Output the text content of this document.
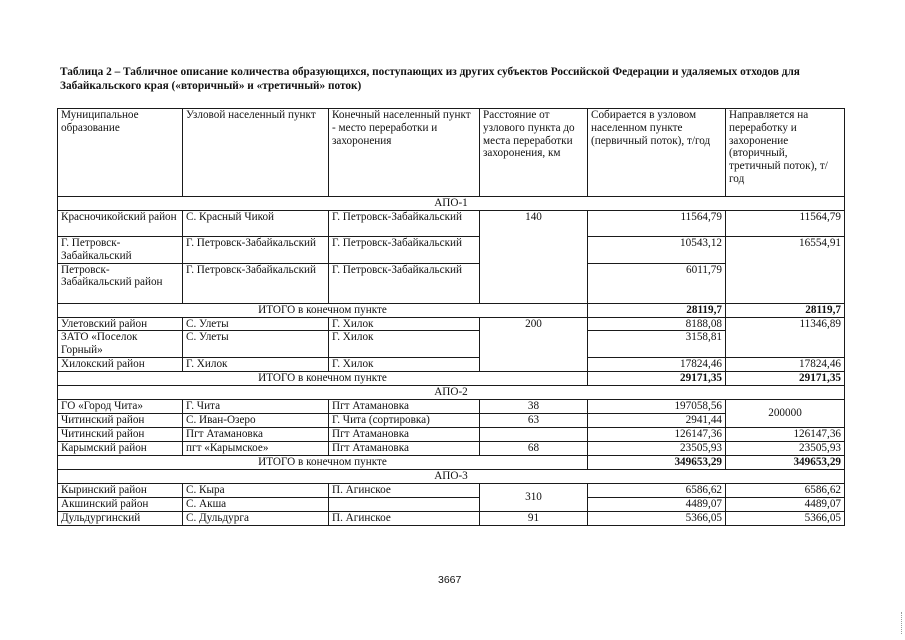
Таблица 2 – Табличное описание количества образующихся, поступающих из других субъектов Российской Федерации и удаляемых отходов для Забайкальского края («вторичный» и «третичный» поток)
Муниципальное образование	Узловой населенный пункт	Конечный населенный пункт - место переработки и захоронения	Расстояние от узлового пункта до места переработки захоронения, км	Собирается в узловом населенном пункте (первичный поток), т/год	Направляется на переработку и захоронение (вторичный, третичный поток), т/год
АПО-1					
Красночикойский район	С. Красный Чикой	Г. Петровск-Забайкальский	140	11564,79	11564,79
Г. Петровск-Забайкальский	Г. Петровск-Забайкальский	Г. Петровск-Забайкальский		10543,12	16554,91
Петровск-Забайкальский район	Г. Петровск-Забайкальский	Г. Петровск-Забайкальский		6011,79	
ИТОГО в конечном пункте				28119,7	28119,7
Улетовский район	С. Улеты	Г. Хилок	200	8188,08	11346,89
ЗАТО «Поселок Горный»	С. Улеты	Г. Хилок		3158,81	
Хилокский район	Г. Хилок	Г. Хилок		17824,46	17824,46
ИТОГО в конечном пункте				29171,35	29171,35
АПО-2					
ГО «Город Чита»	Г. Чита	Пгт Атамановка	38	197058,56	200000
Читинский район	С. Иван-Озеро	Г. Чита (сортировка)	63	2941,44	
Читинский район	Пгт Атамановка	Пгт Атамановка		126147,36	126147,36
Карымский район	пгт «Карымское»	Пгт Атамановка	68	23505,93	23505,93
ИТОГО в конечном пункте				349653,29	349653,29
АПО-3					
Кыринский район	С. Кыра	П. Агинское	310	6586,62	6586,62
Акшинский район	С. Акша			4489,07	4489,07
Дульдургинский	С. Дульдурга	П. Агинское	91	5366,05	5366,05
3667
